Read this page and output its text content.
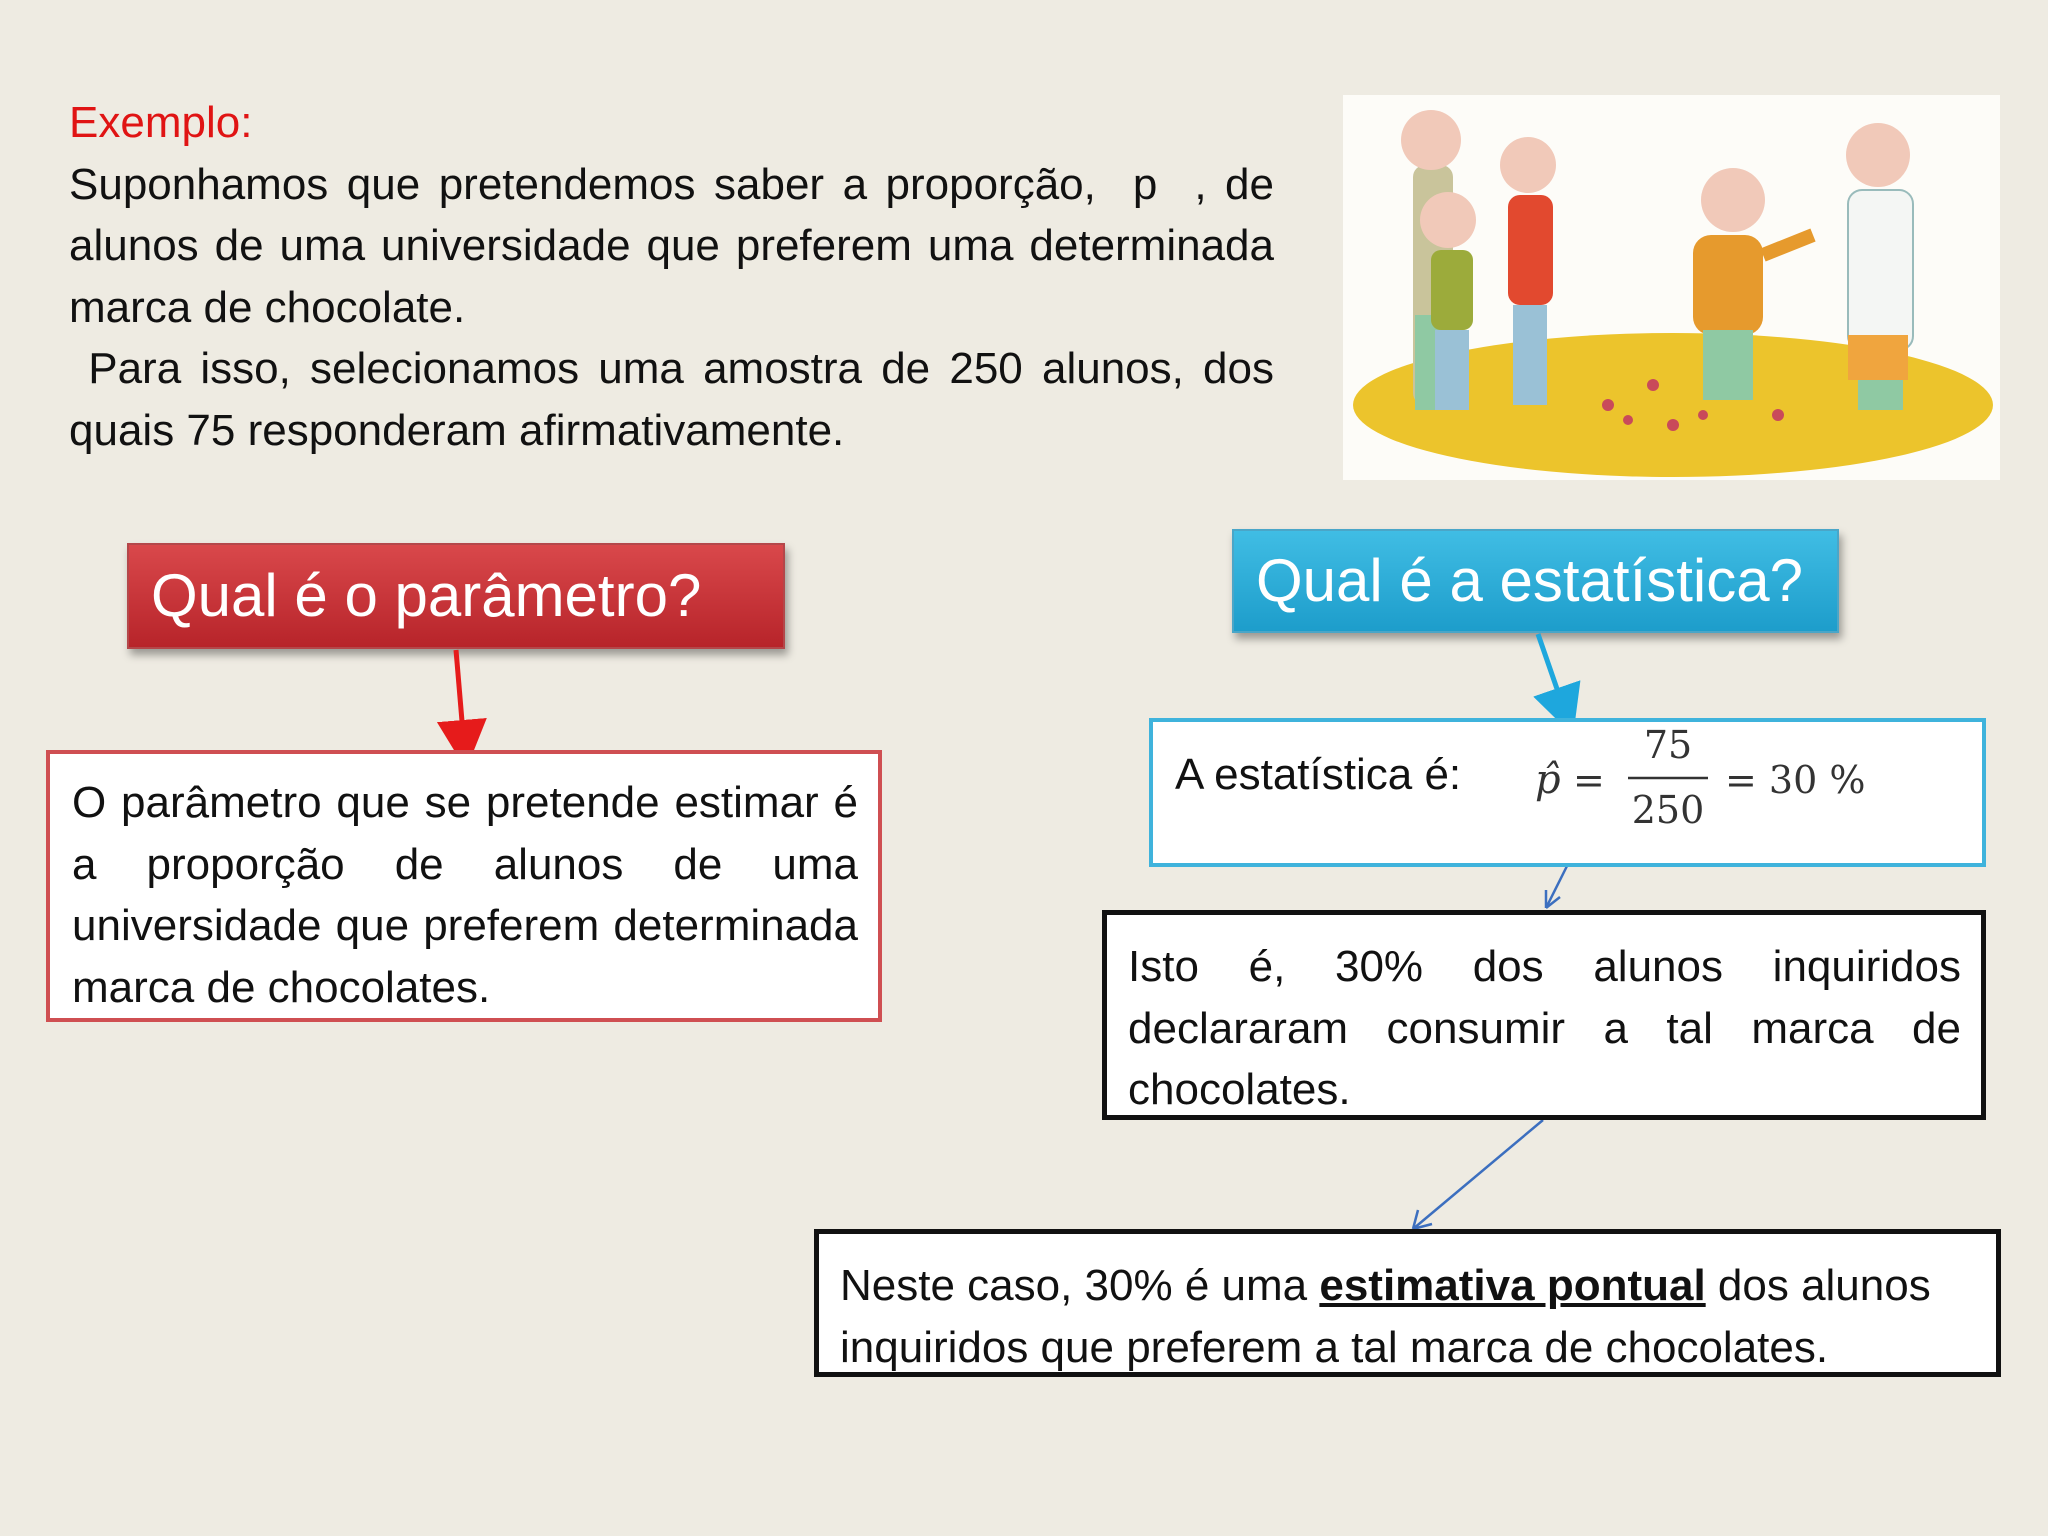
Exemplo:

Suponhamos que pretendemos saber a proporção, p , de alunos de uma universidade que preferem uma determinada marca de chocolate.

Para isso, selecionamos uma amostra de 250 alunos, dos quais 75 responderam afirmativamente.

Qual é o parâmetro?	Qual é a estatística?

O parâmetro que se pretende estimar é a proporção de alunos de uma universidade que preferem determinada marca de chocolates.

A estatística é:	p̂ =
75
250
= 30 %

Isto é, 30% dos alunos inquiridos declararam consumir a tal marca de chocolates.

Neste caso, 30% é uma estimativa pontual dos alunos inquiridos que preferem a tal marca de chocolates.
